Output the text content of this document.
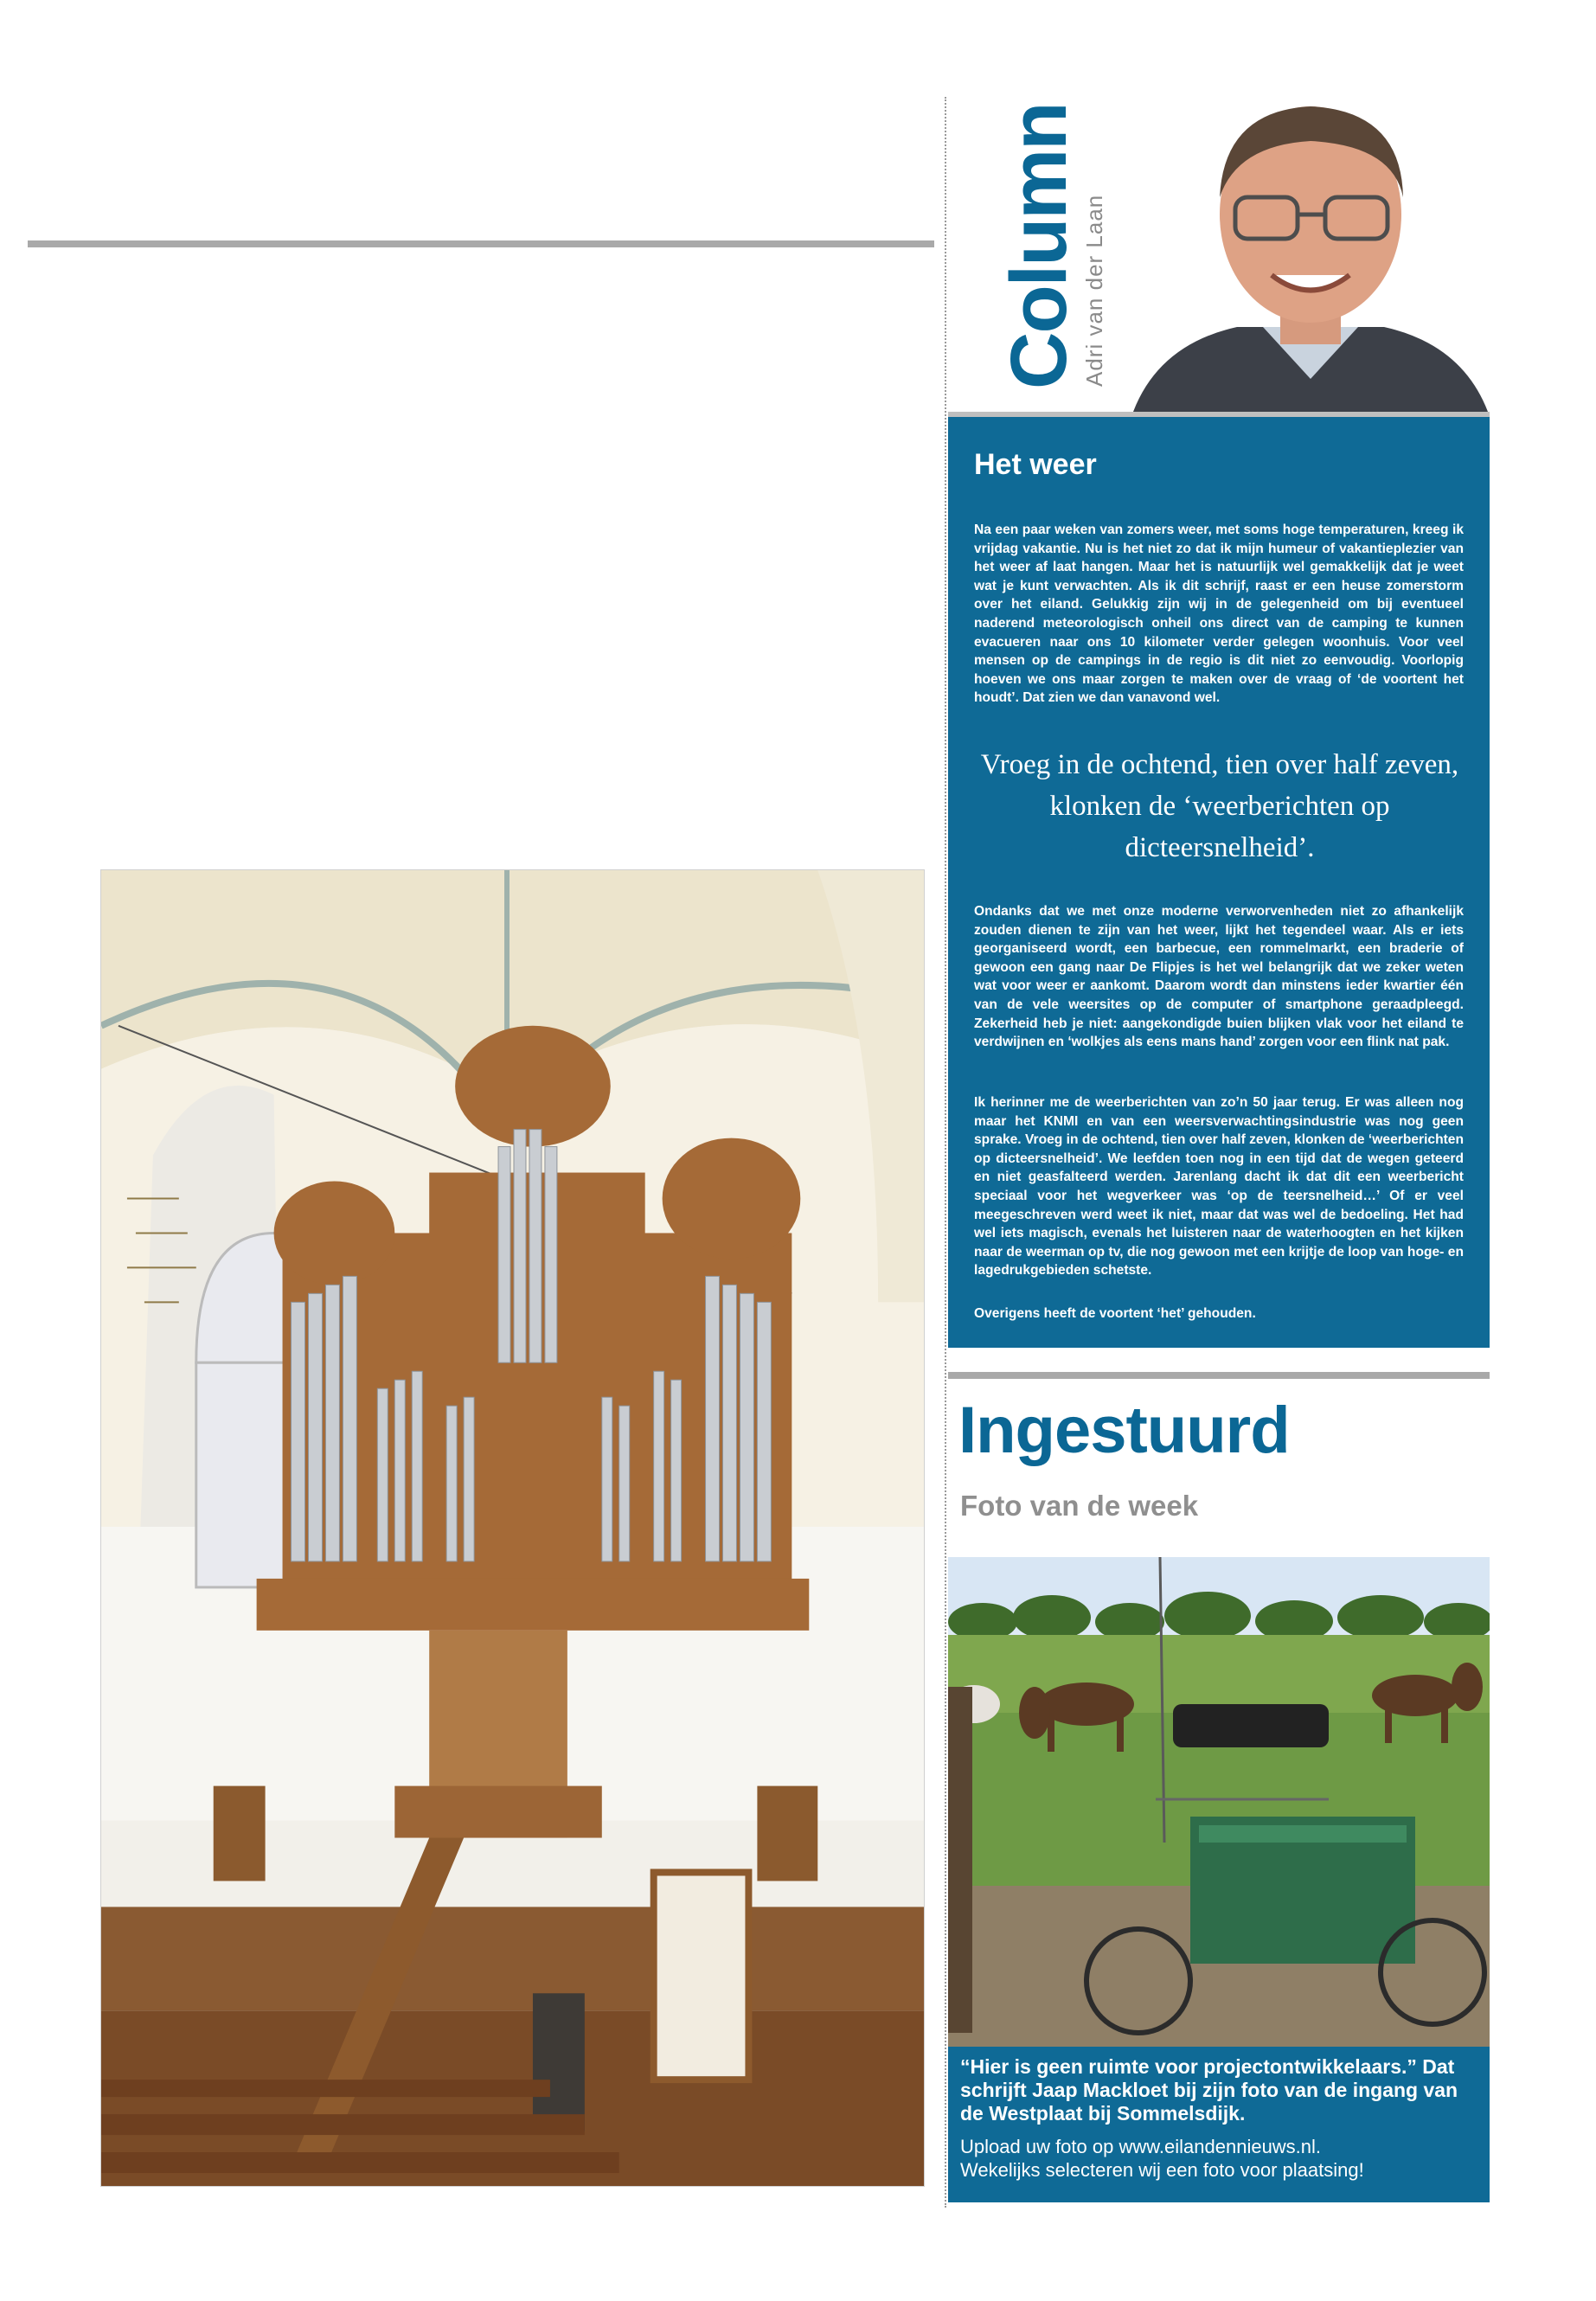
Column
Adri van der Laan
Het weer
Na een paar weken van zomers weer, met soms hoge temperaturen, kreeg ik vrijdag vakantie. Nu is het niet zo dat ik mijn humeur of vakantieplezier van het weer af laat hangen. Maar het is natuurlijk wel gemakkelijk dat je weet wat je kunt verwachten. Als ik dit schrijf, raast er een heuse zomerstorm over het eiland. Gelukkig zijn wij in de gelegenheid om bij eventueel naderend meteorologisch onheil ons direct van de camping te kunnen evacueren naar ons 10 kilometer verder gelegen woonhuis. Voor veel mensen op de campings in de regio is dit niet zo eenvoudig. Voorlopig hoeven we ons maar zorgen te maken over de vraag of ‘de voortent het houdt’. Dat zien we dan vanavond wel.
Vroeg in de ochtend, tien over half zeven, klonken de ‘weerberichten op dicteersnelheid’.
Ondanks dat we met onze moderne verworvenheden niet zo afhankelijk zouden dienen te zijn van het weer, lijkt het tegendeel waar. Als er iets georganiseerd wordt, een barbecue, een rommelmarkt, een braderie of gewoon een gang naar De Flipjes is het wel belangrijk dat we zeker weten wat voor weer er aankomt. Daarom wordt dan minstens ieder kwartier één van de vele weersites op de computer of smartphone geraadpleegd. Zekerheid heb je niet: aangekondigde buien blijken vlak voor het eiland te verdwijnen en ‘wolkjes als eens mans hand’ zorgen voor een flink nat pak.
Ik herinner me de weerberichten van zo’n 50 jaar terug. Er was alleen nog maar het KNMI en van een weersverwachtingsindustrie was nog geen sprake. Vroeg in de ochtend, tien over half zeven, klonken de ‘weerberichten op dicteersnelheid’. We leefden toen nog in een tijd dat de wegen geteerd en niet geasfalteerd werden. Jarenlang dacht ik dat dit een weerbericht speciaal voor het wegverkeer was ‘op de teersnelheid…’ Of er veel meegeschreven werd weet ik niet, maar dat was wel de bedoeling. Het had wel iets magisch, evenals het luisteren naar de waterhoogten en het kijken naar de weerman op tv, die nog gewoon met een krijtje de loop van hoge- en lagedrukgebieden schetste.
Overigens heeft de voortent ‘het’ gehouden.
Ingestuurd
Foto van de week
“Hier is geen ruimte voor projectontwikkelaars.” Dat schrijft Jaap Mackloet bij zijn foto van de ingang van de Westplaat bij Sommelsdijk.
Upload uw foto op www.eilandennieuws.nl.
Wekelijks selecteren wij een foto voor plaatsing!
